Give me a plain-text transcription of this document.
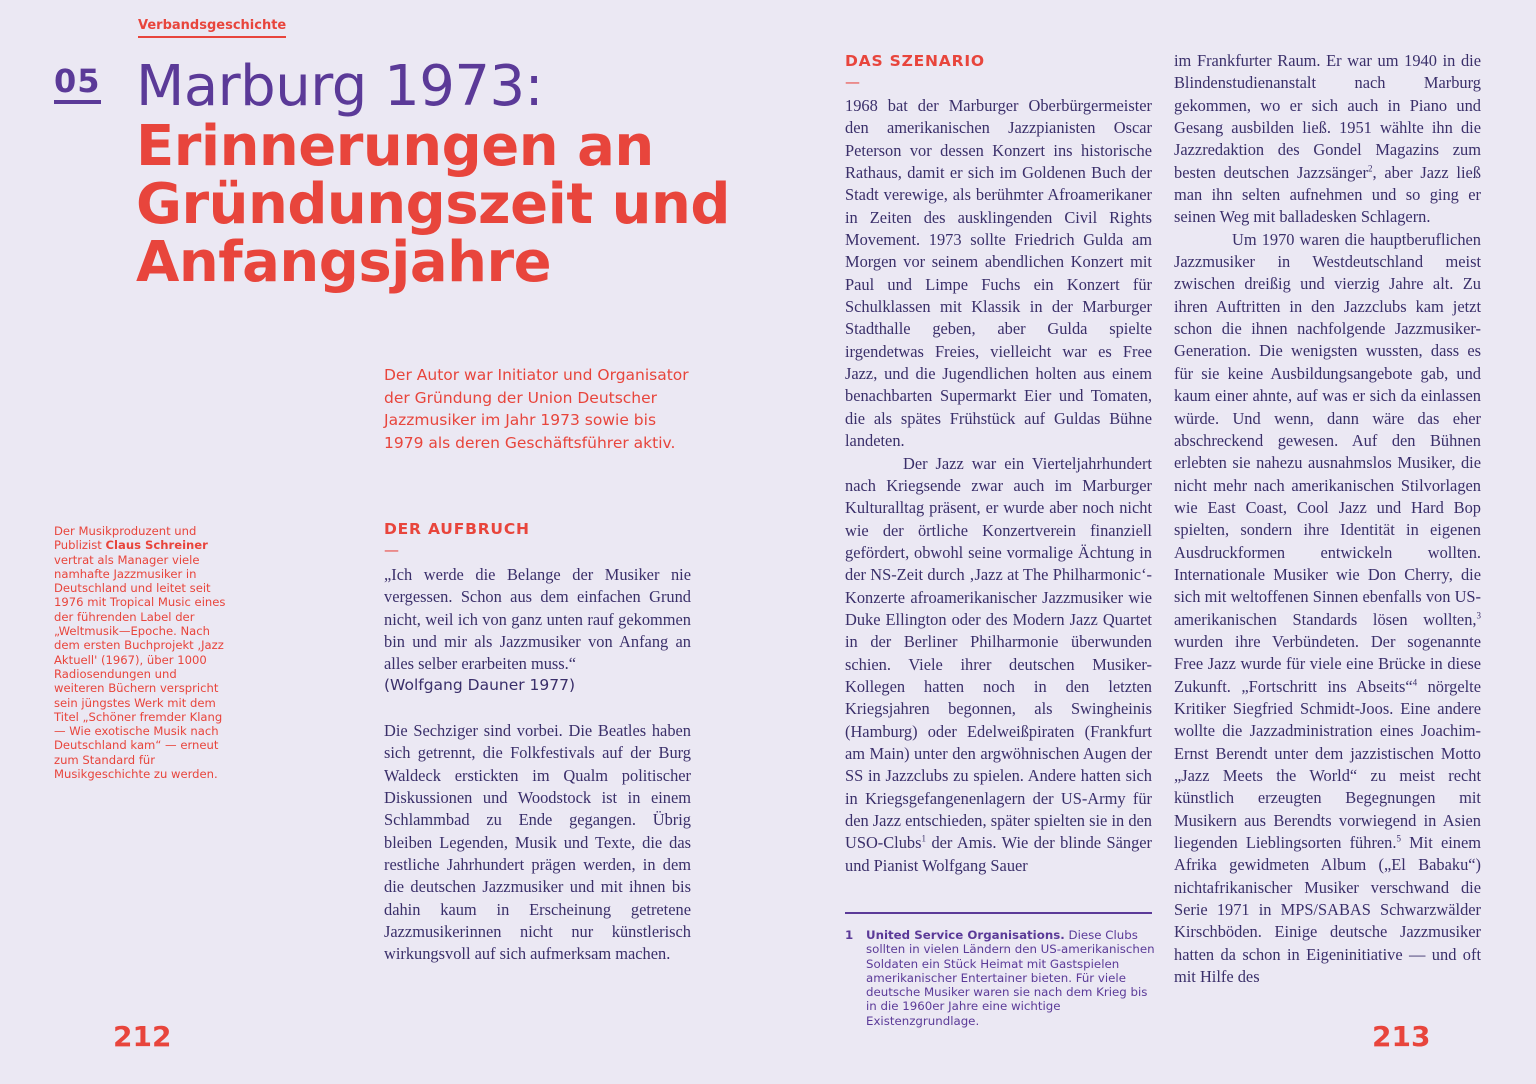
Verbandsgeschichte
05 Marburg 1973:
Erinnerungen an Gründungszeit und Anfangsjahre
Der Autor war Initiator und Organisator der Gründung der Union Deutscher Jazzmusiker im Jahr 1973 sowie bis 1979 als deren Geschäftsführer aktiv.
Der Musikproduzent und Publizist Claus Schreiner vertrat als Manager viele namhafte Jazzmusiker in Deutschland und leitet seit 1976 mit Tropical Music eines der führenden Label der „Weltmusik—Epoche. Nach dem ersten Buchprojekt ‚Jazz Aktuell' (1967), über 1000 Radiosendungen und weiteren Büchern verspricht sein jüngstes Werk mit dem Titel „Schöner fremder Klang — Wie exotische Musik nach Deutschland kam“ — erneut zum Standard für Musikgeschichte zu werden.
DER AUFBRUCH
—
„Ich werde die Belange der Musiker nie vergessen. Schon aus dem einfachen Grund nicht, weil ich von ganz unten rauf gekommen bin und mir als Jazzmusiker von Anfang an alles selber erarbeiten muss.“
(Wolfgang Dauner 1977)
Die Sechziger sind vorbei. Die Beatles haben sich getrennt, die Folkfestivals auf der Burg Waldeck erstickten im Qualm politischer Diskussionen und Woodstock ist in einem Schlammbad zu Ende gegangen. Übrig bleiben Legenden, Musik und Texte, die das restliche Jahrhundert prägen werden, in dem die deutschen Jazzmusiker und mit ihnen bis dahin kaum in Erscheinung getretene Jazzmusikerinnen nicht nur künstlerisch wirkungsvoll auf sich aufmerksam machen.
212
DAS SZENARIO
—
1968 bat der Marburger Oberbürgermeister den amerikanischen Jazzpianisten Oscar Peterson vor dessen Konzert ins historische Rathaus, damit er sich im Goldenen Buch der Stadt verewige, als berühmter Afroamerikaner in Zeiten des ausklingenden Civil Rights Movement. 1973 sollte Friedrich Gulda am Morgen vor seinem abendlichen Konzert mit Paul und Limpe Fuchs ein Konzert für Schulklassen mit Klassik in der Marburger Stadthalle geben, aber Gulda spielte irgendetwas Freies, vielleicht war es Free Jazz, und die Jugendlichen holten aus einem benachbarten Supermarkt Eier und Tomaten, die als spätes Frühstück auf Guldas Bühne landeten.
Der Jazz war ein Vierteljahrhundert nach Kriegsende zwar auch im Marburger Kulturalltag präsent, er wurde aber noch nicht wie der örtliche Konzertverein finanziell gefördert, obwohl seine vormalige Ächtung in der NS-Zeit durch ‚Jazz at The Philharmonic‘-Konzerte afroamerikanischer Jazzmusiker wie Duke Ellington oder des Modern Jazz Quartet in der Berliner Philharmonie überwunden schien. Viele ihrer deutschen Musiker-Kollegen hatten noch in den letzten Kriegsjahren begonnen, als Swingheinis (Hamburg) oder Edelweißpiraten (Frankfurt am Main) unter den argwöhnischen Augen der SS in Jazzclubs zu spielen. Andere hatten sich in Kriegsgefangenenlagern der US-Army für den Jazz entschieden, später spielten sie in den USO-Clubs$^1$ der Amis. Wie der blinde Sänger und Pianist Wolfgang Sauer
im Frankfurter Raum. Er war um 1940 in die Blindenstudienanstalt nach Marburg gekommen, wo er sich auch in Piano und Gesang ausbilden ließ. 1951 wählte ihn die Jazzredaktion des Gondel Magazins zum besten deutschen Jazzsänger$^2$, aber Jazz ließ man ihn selten aufnehmen und so ging er seinen Weg mit balladesken Schlagern.
Um 1970 waren die hauptberuflichen Jazzmusiker in Westdeutschland meist zwischen dreißig und vierzig Jahre alt. Zu ihren Auftritten in den Jazzclubs kam jetzt schon die ihnen nachfolgende Jazzmusiker-Generation. Die wenigsten wussten, dass es für sie keine Ausbildungsangebote gab, und kaum einer ahnte, auf was er sich da einlassen würde. Und wenn, dann wäre das eher abschreckend gewesen. Auf den Bühnen erlebten sie nahezu ausnahmslos Musiker, die nicht mehr nach amerikanischen Stilvorlagen wie East Coast, Cool Jazz und Hard Bop spielten, sondern ihre Identität in eigenen Ausdruckformen entwickeln wollten. Internationale Musiker wie Don Cherry, die sich mit weltoffenen Sinnen ebenfalls von US-amerikanischen Standards lösen wollten,$^3$ wurden ihre Verbündeten. Der sogenannte Free Jazz wurde für viele eine Brücke in diese Zukunft. „Fortschritt ins Abseits“$^4$ nörgelte Kritiker Siegfried Schmidt-Joos. Eine andere wollte die Jazzadministration eines Joachim-Ernst Berendt unter dem jazzistischen Motto „Jazz Meets the World“ zu meist recht künstlich erzeugten Begegnungen mit Musikern aus Berendts vorwiegend in Asien liegenden Lieblingsorten führen.$^5$ Mit einem Afrika gewidmeten Album („El Babaku“) nichtafrikanischer Musiker verschwand die Serie 1971 in MPS/SABAS Schwarzwälder Kirschböden. Einige deutsche Jazzmusiker hatten da schon in Eigeninitiative — und oft mit Hilfe des
1 United Service Organisations. Diese Clubs sollten in vielen Ländern den US-amerikanischen Soldaten ein Stück Heimat mit Gastspielen amerikanischer Entertainer bieten. Für viele deutsche Musiker waren sie nach dem Krieg bis in die 1960er Jahre eine wichtige Existenzgrundlage.	213
